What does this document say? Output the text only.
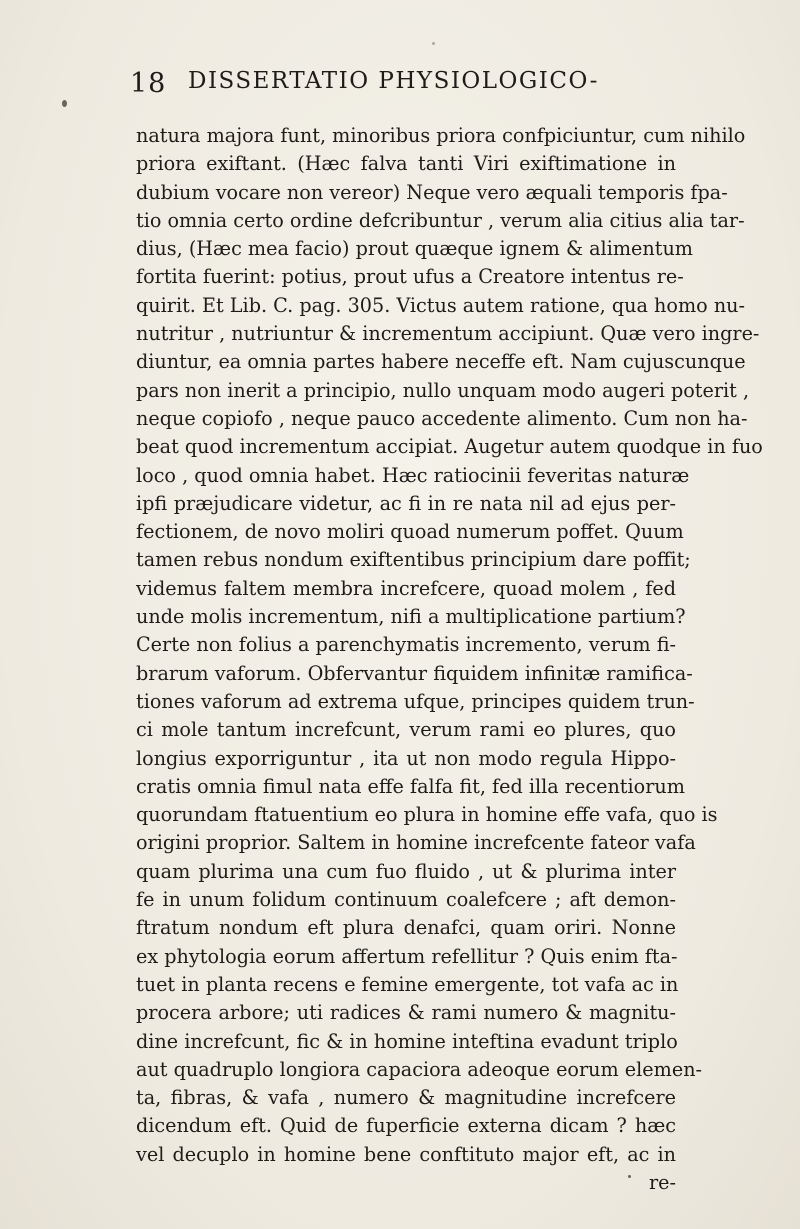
18 DISSERTATIO PHYSIOLOGICO-
natura majora funt, minoribus priora confpiciuntur, cum nihilo
priora exiftant. (Hæc falva tanti Viri exiftimatione in
dubium vocare non vereor) Neque vero æquali temporis fpa-
tio omnia certo ordine defcribuntur , verum alia citius alia tar-
dius, (Hæc mea facio) prout quæque ignem & alimentum
fortita fuerint: potius, prout ufus a Creatore intentus re-
quirit. Et Lib. C. pag. 305. Victus autem ratione, qua homo nu-
nutritur , nutriuntur & incrementum accipiunt. Quæ vero ingre-
diuntur, ea omnia partes habere neceffe eft. Nam cujuscunque
pars non inerit a principio, nullo unquam modo augeri poterit ,
neque copiofo , neque pauco accedente alimento. Cum non ha-
beat quod incrementum accipiat. Augetur autem quodque in fuo
loco , quod omnia habet. Hæc ratiocinii feveritas naturæ
ipfi præjudicare videtur, ac fi in re nata nil ad ejus per-
fectionem, de novo moliri quoad numerum poffet. Quum
tamen rebus nondum exiftentibus principium dare poffit;
videmus faltem membra increfcere, quoad molem , fed
unde molis incrementum, nifi a multiplicatione partium?
Certe non folius a parenchymatis incremento, verum fi-
brarum vaforum. Obfervantur fiquidem infinitæ ramifica-
tiones vaforum ad extrema ufque, principes quidem trun-
ci mole tantum increfcunt, verum rami eo plures, quo
longius exporriguntur , ita ut non modo regula Hippo-
cratis omnia fimul nata effe falfa fit, fed illa recentiorum
quorundam ftatuentium eo plura in homine effe vafa, quo is
origini proprior. Saltem in homine increfcente fateor vafa
quam plurima una cum fuo fluido , ut & plurima inter
fe in unum folidum continuum coalefcere ; aft demon-
ftratum nondum eft plura denafci, quam oriri. Nonne
ex phytologia eorum affertum refellitur ? Quis enim fta-
tuet in planta recens e femine emergente, tot vafa ac in
procera arbore; uti radices & rami numero & magnitu-
dine increfcunt, fic & in homine inteftina evadunt triplo
aut quadruplo longiora capaciora adeoque eorum elemen-
ta, fibras, & vafa , numero & magnitudine increfcere
dicendum eft. Quid de fuperficie externa dicam ? hæc
vel decuplo in homine bene conftituto major eft, ac in
re-
